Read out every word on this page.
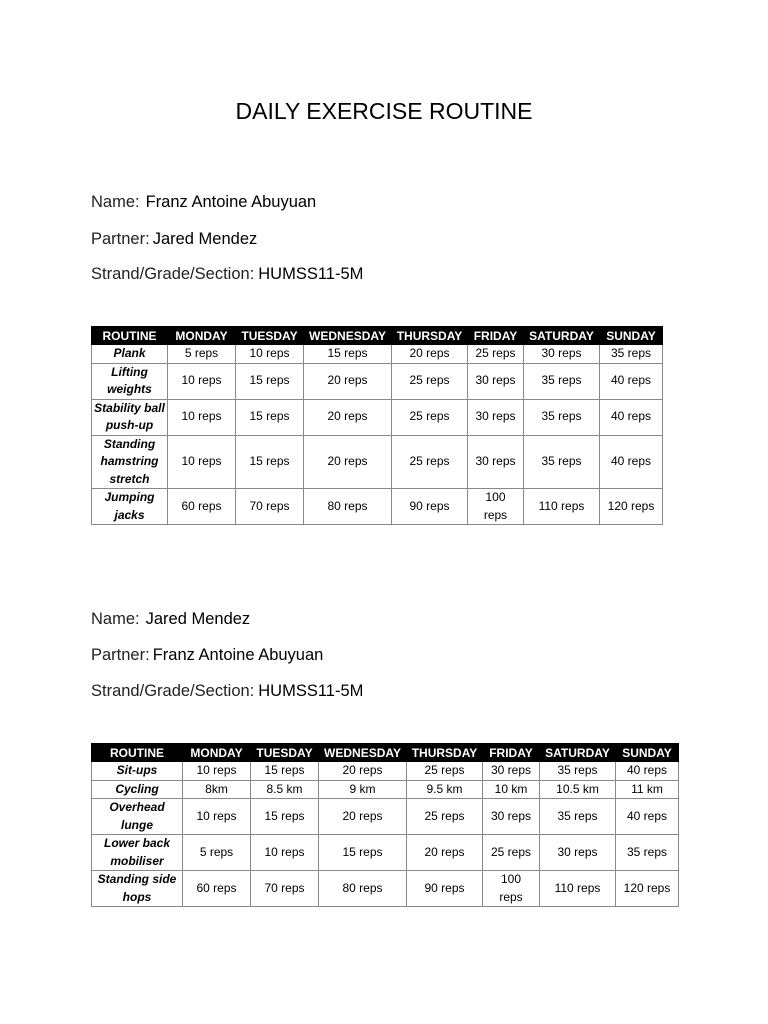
DAILY EXERCISE ROUTINE
Name: Franz Antoine Abuyuan
Partner: Jared Mendez
Strand/Grade/Section: HUMSS11-5M
ROUTINE	MONDAY	TUESDAY	WEDNESDAY	THURSDAY	FRIDAY	SATURDAY	SUNDAY
Plank	5 reps	10 reps	15 reps	20 reps	25 reps	30 reps	35 reps
Lifting weights	10 reps	15 reps	20 reps	25 reps	30 reps	35 reps	40 reps
Stability ball push-up	10 reps	15 reps	20 reps	25 reps	30 reps	35 reps	40 reps
Standing hamstring stretch	10 reps	15 reps	20 reps	25 reps	30 reps	35 reps	40 reps
Jumping jacks	60 reps	70 reps	80 reps	90 reps	100 reps	110 reps	120 reps
Name: Jared Mendez
Partner: Franz Antoine Abuyuan
Strand/Grade/Section: HUMSS11-5M
ROUTINE	MONDAY	TUESDAY	WEDNESDAY	THURSDAY	FRIDAY	SATURDAY	SUNDAY
Sit-ups	10 reps	15 reps	20 reps	25 reps	30 reps	35 reps	40 reps
Cycling	8km	8.5 km	9 km	9.5 km	10 km	10.5 km	11 km
Overhead lunge	10 reps	15 reps	20 reps	25 reps	30 reps	35 reps	40 reps
Lower back mobiliser	5 reps	10 reps	15 reps	20 reps	25 reps	30 reps	35 reps
Standing side hops	60 reps	70 reps	80 reps	90 reps	100 reps	110 reps	120 reps
